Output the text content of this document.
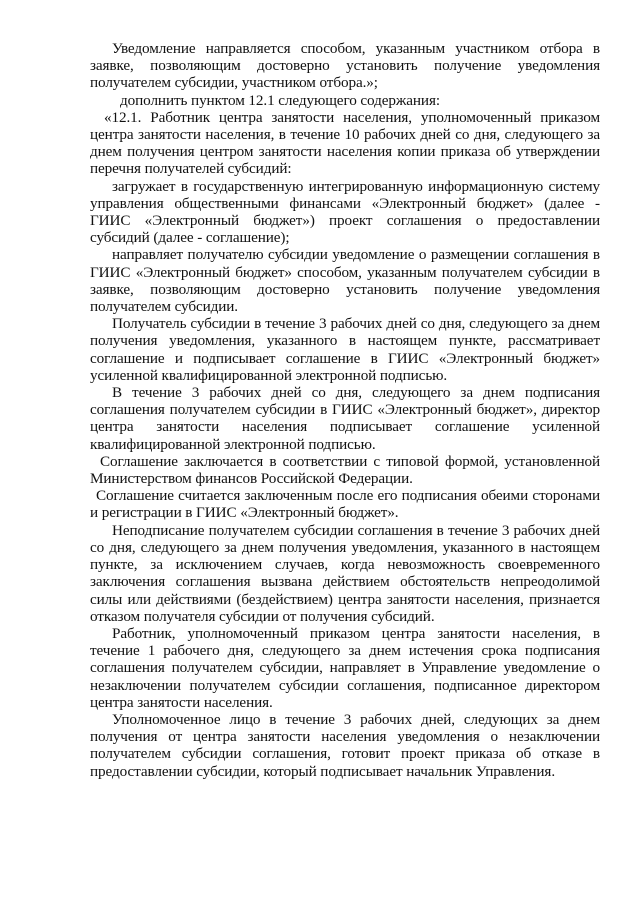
Уведомление направляется способом, указанным участником отбора в заявке, позволяющим достоверно установить получение уведомления получателем субсидии, участником отбора.»;

дополнить пунктом 12.1 следующего содержания:

«12.1. Работник центра занятости населения, уполномоченный приказом центра занятости населения, в течение 10 рабочих дней со дня, следующего за днем получения центром занятости населения копии приказа об утверждении перечня получателей субсидий:

загружает в государственную интегрированную информационную систему управления общественными финансами «Электронный бюджет» (далее - ГИИС «Электронный бюджет») проект соглашения о предоставлении субсидий (далее - соглашение);

направляет получателю субсидии уведомление о размещении соглашения в ГИИС «Электронный бюджет» способом, указанным получателем субсидии в заявке, позволяющим достоверно установить получение уведомления получателем субсидии.

Получатель субсидии в течение 3 рабочих дней со дня, следующего за днем получения уведомления, указанного в настоящем пункте, рассматривает соглашение и подписывает соглашение в ГИИС «Электронный бюджет» усиленной квалифицированной электронной подписью.

В течение 3 рабочих дней со дня, следующего за днем подписания соглашения получателем субсидии в ГИИС «Электронный бюджет», директор центра занятости населения подписывает соглашение усиленной квалифицированной электронной подписью.

Соглашение заключается в соответствии с типовой формой, установленной Министерством финансов Российской Федерации.

Соглашение считается заключенным после его подписания обеими сторонами и регистрации в ГИИС «Электронный бюджет».

Неподписание получателем субсидии соглашения в течение 3 рабочих дней со дня, следующего за днем получения уведомления, указанного в настоящем пункте, за исключением случаев, когда невозможность своевременного заключения соглашения вызвана действием обстоятельств непреодолимой силы или действиями (бездействием) центра занятости населения, признается отказом получателя субсидии от получения субсидий.

Работник, уполномоченный приказом центра занятости населения, в течение 1 рабочего дня, следующего за днем истечения срока подписания соглашения получателем субсидии, направляет в Управление уведомление о незаключении получателем субсидии соглашения, подписанное директором центра занятости населения.

Уполномоченное лицо в течение 3 рабочих дней, следующих за днем получения от центра занятости населения уведомления о незаключении получателем субсидии соглашения, готовит проект приказа об отказе в предоставлении субсидии, который подписывает начальник Управления.
